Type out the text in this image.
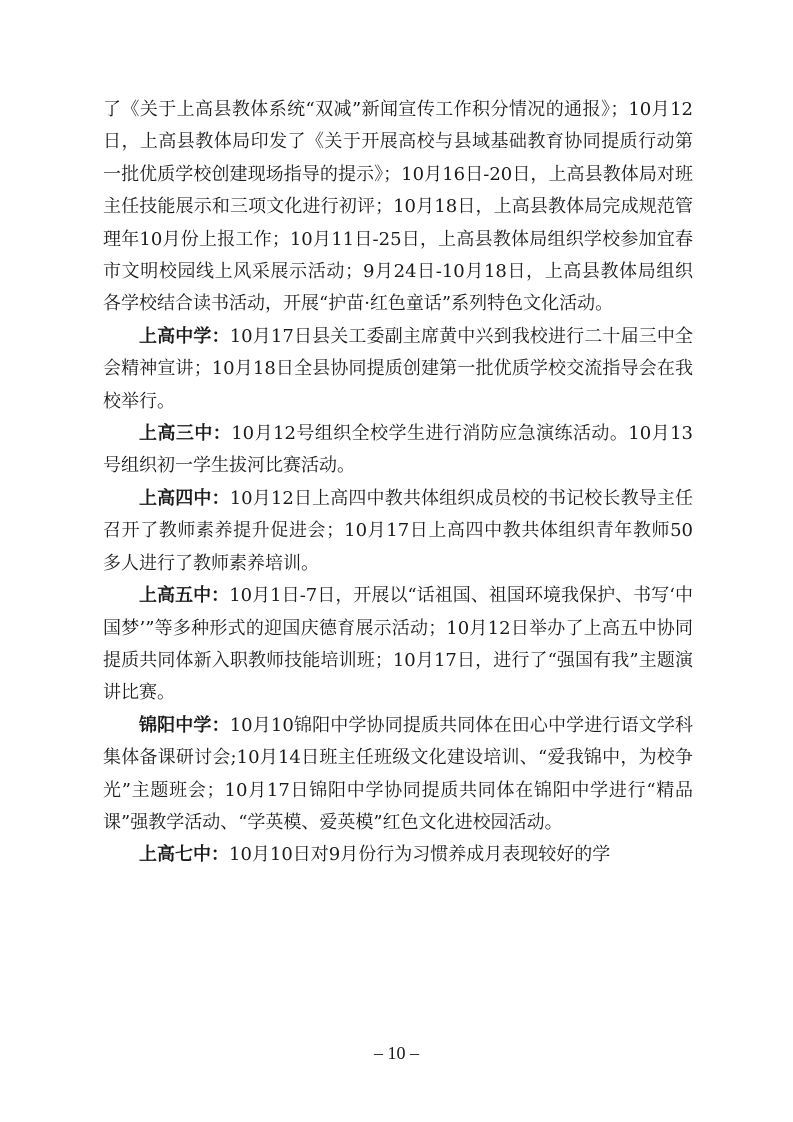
了《关于上高县教体系统“双减”新闻宣传工作积分情况的通报》；10月12日，上高县教体局印发了《关于开展高校与县域基础教育协同提质行动第一批优质学校创建现场指导的提示》；10月16日-20日，上高县教体局对班主任技能展示和三项文化进行初评；10月18日，上高县教体局完成规范管理年10月份上报工作；10月11日-25日，上高县教体局组织学校参加宜春市文明校园线上风采展示活动；9月24日-10月18日，上高县教体局组织各学校结合读书活动，开展“护苗·红色童话”系列特色文化活动。

上高中学：10月17日县关工委副主席黄中兴到我校进行二十届三中全会精神宣讲；10月18日全县协同提质创建第一批优质学校交流指导会在我校举行。

上高三中：10月12号组织全校学生进行消防应急演练活动。10月13号组织初一学生拔河比赛活动。

上高四中：10月12日上高四中教共体组织成员校的书记校长教导主任召开了教师素养提升促进会；10月17日上高四中教共体组织青年教师50多人进行了教师素养培训。

上高五中：10月1日-7日，开展以“话祖国、祖国环境我保护、书写‘中国梦’”等多种形式的迎国庆德育展示活动；10月12日举办了上高五中协同提质共同体新入职教师技能培训班；10月17日，进行了“强国有我”主题演讲比赛。

锦阳中学：10月10锦阳中学协同提质共同体在田心中学进行语文学科集体备课研讨会;10月14日班主任班级文化建设培训、“爱我锦中，为校争光”主题班会；10月17日锦阳中学协同提质共同体在锦阳中学进行“精品课”强教学活动、“学英模、爱英模”红色文化进校园活动。

上高七中：10月10日对9月份行为习惯养成月表现较好的学

– 10 –
